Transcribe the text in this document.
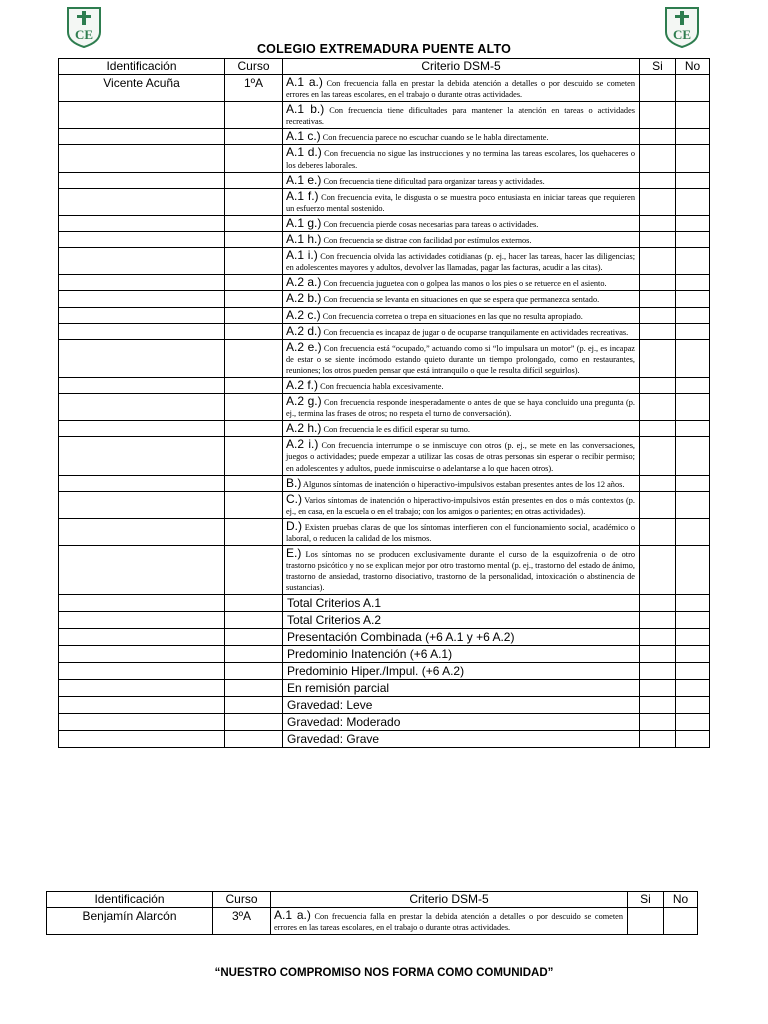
CE	CE
COLEGIO EXTREMADURA PUENTE ALTO
Identificación	Curso	Criterio DSM-5	Si	No
Vicente Acuña	1ºA	A.1 a.) Con frecuencia falla en prestar la debida atención a detalles o por descuido se cometen errores en las tareas escolares, en el trabajo o durante otras actividades.		
		A.1 b.) Con frecuencia tiene dificultades para mantener la atención en tareas o actividades recreativas.		
		A.1 c.) Con frecuencia parece no escuchar cuando se le habla directamente.		
		A.1 d.) Con frecuencia no sigue las instrucciones y no termina las tareas escolares, los quehaceres o los deberes laborales.		
		A.1 e.) Con frecuencia tiene dificultad para organizar tareas y actividades.		
		A.1 f.) Con frecuencia evita, le disgusta o se muestra poco entusiasta en iniciar tareas que requieren un esfuerzo mental sostenido.		
		A.1 g.) Con frecuencia pierde cosas necesarias para tareas o actividades.		
		A.1 h.) Con frecuencia se distrae con facilidad por estímulos externos.		
		A.1 i.) Con frecuencia olvida las actividades cotidianas (p. ej., hacer las tareas, hacer las diligencias; en adolescentes mayores y adultos, devolver las llamadas, pagar las facturas, acudir a las citas).		
		A.2 a.) Con frecuencia juguetea con o golpea las manos o los pies o se retuerce en el asiento.		
		A.2 b.) Con frecuencia se levanta en situaciones en que se espera que permanezca sentado.		
		A.2 c.) Con frecuencia corretea o trepa en situaciones en las que no resulta apropiado.		
		A.2 d.) Con frecuencia es incapaz de jugar o de ocuparse tranquilamente en actividades recreativas.		
		A.2 e.) Con frecuencia está “ocupado,” actuando como si “lo impulsara un motor” (p. ej., es incapaz de estar o se siente incómodo estando quieto durante un tiempo prolongado, como en restaurantes, reuniones; los otros pueden pensar que está intranquilo o que le resulta difícil seguirlos).		
		A.2 f.) Con frecuencia habla excesivamente.		
		A.2 g.) Con frecuencia responde inesperadamente o antes de que se haya concluido una pregunta (p. ej., termina las frases de otros; no respeta el turno de conversación).		
		A.2 h.) Con frecuencia le es difícil esperar su turno.		
		A.2 i.) Con frecuencia interrumpe o se inmiscuye con otros (p. ej., se mete en las conversaciones, juegos o actividades; puede empezar a utilizar las cosas de otras personas sin esperar o recibir permiso; en adolescentes y adultos, puede inmiscuirse o adelantarse a lo que hacen otros).		
		B.) Algunos síntomas de inatención o hiperactivo-impulsivos estaban presentes antes de los 12 años.		
		C.) Varios síntomas de inatención o hiperactivo-impulsivos están presentes en dos o más contextos (p. ej., en casa, en la escuela o en el trabajo; con los amigos o parientes; en otras actividades).		
		D.) Existen pruebas claras de que los síntomas interfieren con el funcionamiento social, académico o laboral, o reducen la calidad de los mismos.		
		E.) Los síntomas no se producen exclusivamente durante el curso de la esquizofrenia o de otro trastorno psicótico y no se explican mejor por otro trastorno mental (p. ej., trastorno del estado de ánimo, trastorno de ansiedad, trastorno disociativo, trastorno de la personalidad, intoxicación o abstinencia de sustancias).		
		Total Criterios A.1		
		Total Criterios A.2		
		Presentación Combinada (+6 A.1 y +6 A.2)		
		Predominio Inatención (+6 A.1)		
		Predominio Hiper./Impul. (+6 A.2)		
		En remisión parcial		
		Gravedad: Leve		
		Gravedad: Moderado		
		Gravedad: Grave		
Identificación	Curso	Criterio DSM-5	Si	No
Benjamín Alarcón	3ºA	A.1 a.) Con frecuencia falla en prestar la debida atención a detalles o por descuido se cometen errores en las tareas escolares, en el trabajo o durante otras actividades.		
“NUESTRO COMPROMISO NOS FORMA COMO COMUNIDAD”
